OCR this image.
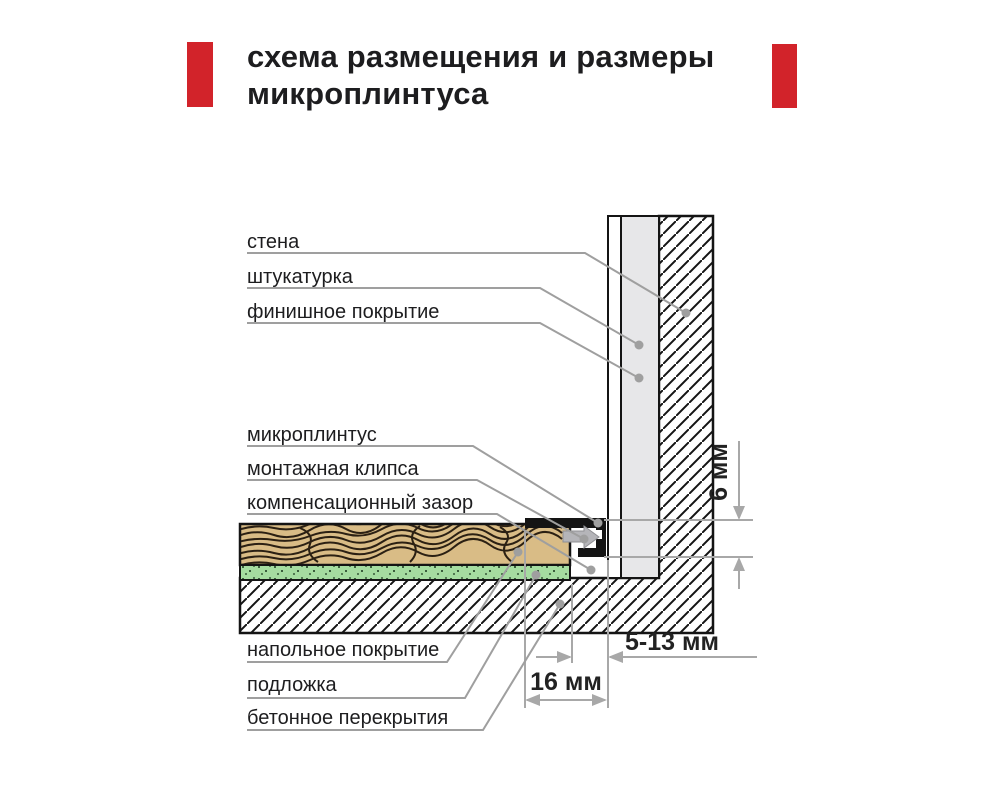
схема размещения и размеры
микроплинтуса
6 мм
5-13 мм
16 мм
стена
штукатурка
финишное покрытие
микроплинтус
монтажная клипса
компенсационный зазор
напольное покрытие
подложка
бетонное перекрытия
